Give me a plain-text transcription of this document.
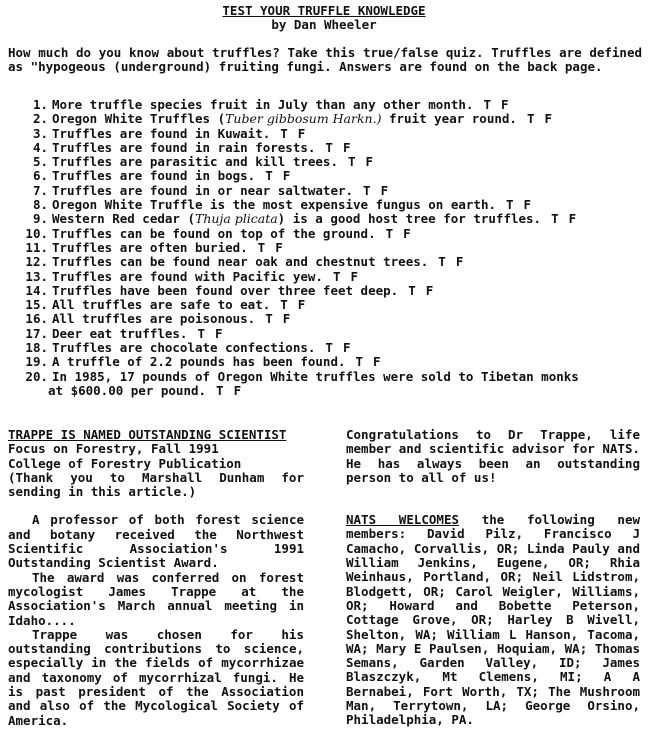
TEST YOUR TRUFFLE KNOWLEDGE
by Dan Wheeler

How much do you know about truffles? Take this true/false quiz. Truffles are defined as "hypogeous (underground) fruiting fungi. Answers are found on the back page.

1. More truffle species fruit in July than any other month. T F
2. Oregon White Truffles (Tuber gibbosum Harkn.) fruit year round. T F
3. Truffles are found in Kuwait. T F
4. Truffles are found in rain forests. T F
5. Truffles are parasitic and kill trees. T F
6. Truffles are found in bogs. T F
7. Truffles are found in or near saltwater. T F
8. Oregon White Truffle is the most expensive fungus on earth. T F
9. Western Red cedar (Thuja plicata) is a good host tree for truffles. T F
10. Truffles can be found on top of the ground. T F
11. Truffles are often buried. T F
12. Truffles can be found near oak and chestnut trees. T F
13. Truffles are found with Pacific yew. T F
14. Truffles have been found over three feet deep. T F
15. All truffles are safe to eat. T F
16. All truffles are poisonous. T F
17. Deer eat truffles. T F
18. Truffles are chocolate confections. T F
19. A truffle of 2.2 pounds has been found. T F
20. In 1985, 17 pounds of Oregon White truffles were sold to Tibetan monks
at $600.00 per pound. T F
TRAPPE IS NAMED OUTSTANDING SCIENTIST
Focus on Forestry, Fall 1991
College of Forestry Publication
(Thank you to Marshall Dunham for sending in this article.)

A professor of both forest science and botany received the Northwest Scientific Association's 1991 Outstanding Scientist Award.

The award was conferred on forest mycologist James Trappe at the Association's March annual meeting in Idaho....

Trappe was chosen for his outstanding contributions to science, especially in the fields of mycorrhizae and taxonomy of mycorrhizal fungi. He is past president of the Association and also of the Mycological Society of America.

Congratulations to Dr Trappe, life member and scientific advisor for NATS. He has always been an outstanding person to all of us!

NATS WELCOMES the following new members: David Pilz, Francisco J Camacho, Corvallis, OR; Linda Pauly and William Jenkins, Eugene, OR; Rhia Weinhaus, Portland, OR; Neil Lidstrom, Blodgett, OR; Carol Weigler, Williams, OR; Howard and Bobette Peterson, Cottage Grove, OR; Harley B Wivell, Shelton, WA; William L Hanson, Tacoma, WA; Mary E Paulsen, Hoquiam, WA; Thomas Semans, Garden Valley, ID; James Blaszczyk, Mt Clemens, MI; A A Bernabei, Fort Worth, TX; The Mushroom Man, Terrytown, LA; George Orsino, Philadelphia, PA.
